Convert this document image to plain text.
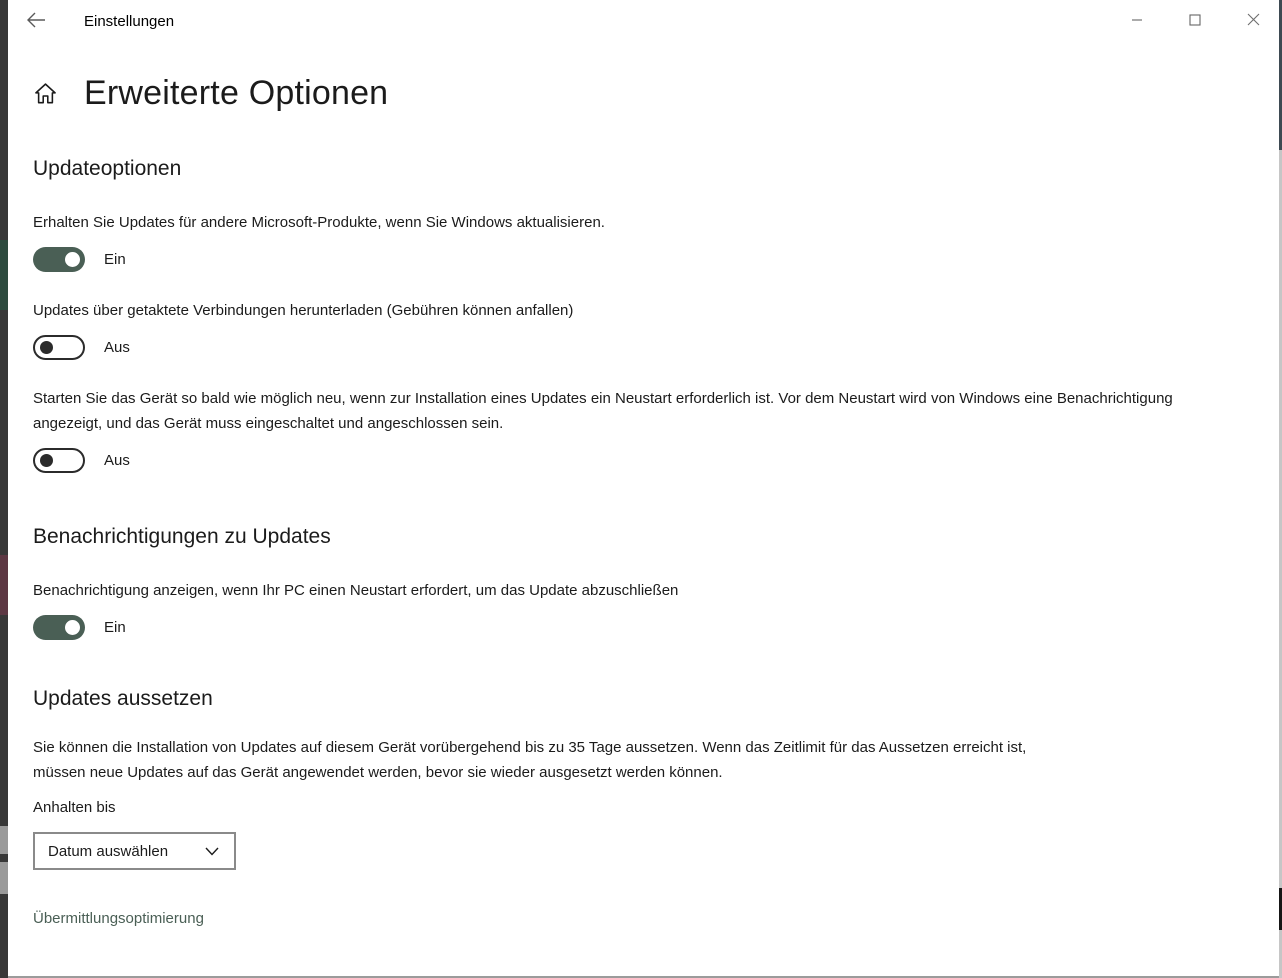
Einstellungen
Erweiterte Optionen
Updateoptionen

Erhalten Sie Updates für andere Microsoft-Produkte, wenn Sie Windows aktualisieren.

Ein

Updates über getaktete Verbindungen herunterladen (Gebühren können anfallen)

Aus

Starten Sie das Gerät so bald wie möglich neu, wenn zur Installation eines Updates ein Neustart erforderlich ist. Vor dem Neustart wird von Windows eine Benachrichtigung angezeigt, und das Gerät muss eingeschaltet und angeschlossen sein.

Aus
Benachrichtigungen zu Updates

Benachrichtigung anzeigen, wenn Ihr PC einen Neustart erfordert, um das Update abzuschließen

Ein
Updates aussetzen

Sie können die Installation von Updates auf diesem Gerät vorübergehend bis zu 35 Tage aussetzen. Wenn das Zeitlimit für das Aussetzen erreicht ist, müssen neue Updates auf das Gerät angewendet werden, bevor sie wieder ausgesetzt werden können.

Anhalten bis

Datum auswählen
Übermittlungsoptimierung
